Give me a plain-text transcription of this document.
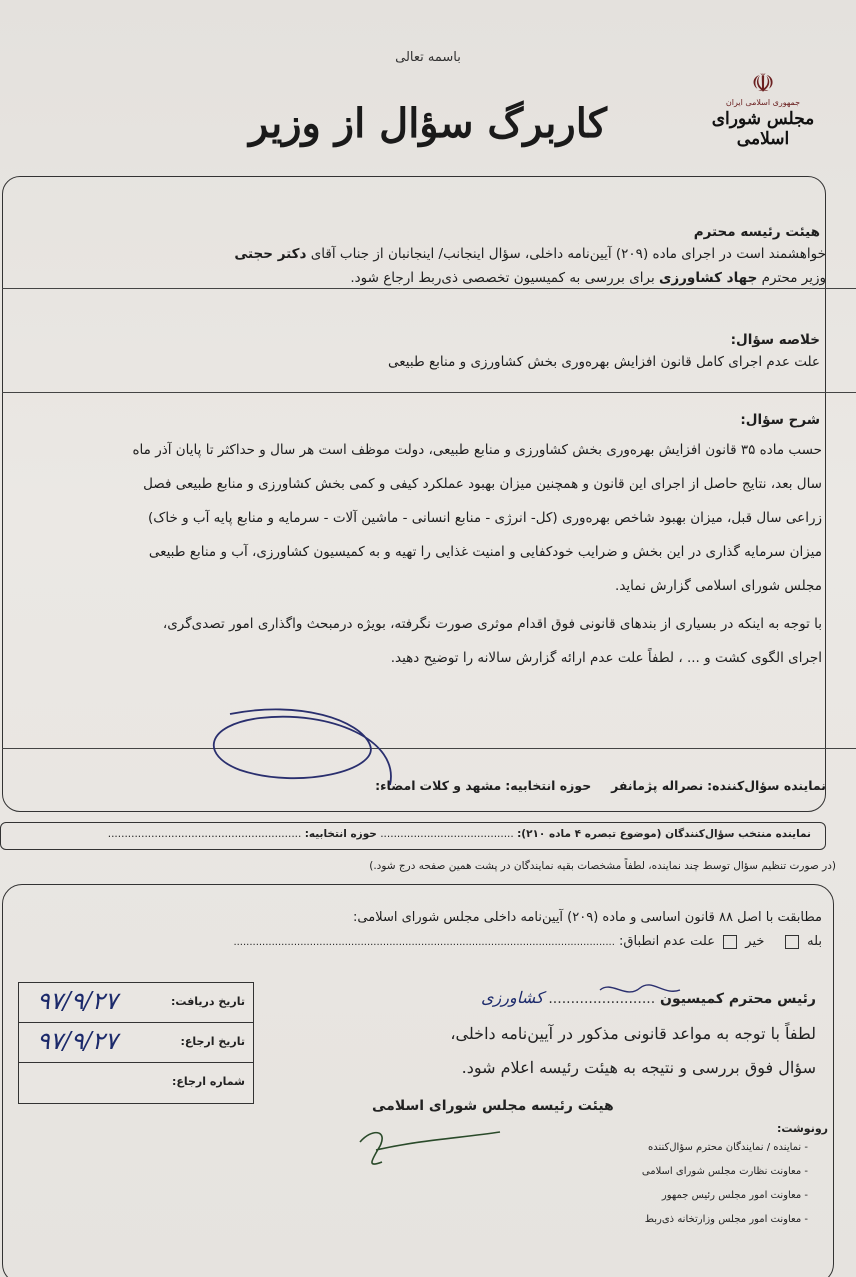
باسمه تعالی
کاربرگ سؤال از وزیر
☫
جمهوری اسلامی ایران
مجلس شورای اسلامی
هیئت رئیسه محترم
خواهشمند است در اجرای ماده (۲۰۹) آیین‌نامه داخلی، سؤال اینجانب/ اینجانبان از جناب آقای دکتر حجتی
وزیر محترم جهاد کشاورزی برای بررسی به کمیسیون تخصصی ذی‌ربط ارجاع شود.
خلاصه سؤال:
علت عدم اجرای کامل قانون افزایش بهره‌وری بخش کشاورزی و منابع طبیعی
شرح سؤال:
حسب ماده ۳۵ قانون افزایش بهره‌وری بخش کشاورزی و منابع طبیعی، دولت موظف است هر سال و حداکثر تا پایان آذر ماه
سال بعد، نتایج حاصل از اجرای این قانون و همچنین میزان بهبود عملکرد کیفی و کمی بخش کشاورزی و منابع طبیعی فصل
زراعی سال قبل، میزان بهبود شاخص بهره‌وری (کل- انرژی - منابع انسانی - ماشین آلات - سرمایه و منابع پایه آب و خاک)
میزان سرمایه گذاری در این بخش و ضرایب خودکفایی و امنیت غذایی را تهیه و به کمیسیون کشاورزی، آب و منابع طبیعی
مجلس شورای اسلامی گزارش نماید.
با توجه به اینکه در بسیاری از بندهای قانونی فوق اقدام موثری صورت نگرفته، بویژه درمبحث واگذاری امور تصدی‌گری،
اجرای الگوی کشت و ... ، لطفاً علت عدم ارائه گزارش سالانه را توضیح دهید.
نماینده سؤال‌کننده: نصراله پژمانفر     حوزه انتخابیه: مشهد و کلات امضاء:
نماینده منتخب سؤال‌کنندگان (موضوع تبصره ۴ ماده ۲۱۰): ........................................ حوزه انتخابیه: ..........................................................
(در صورت تنظیم سؤال توسط چند نماینده، لطفاً مشخصات بقیه نمایندگان در پشت همین صفحه درج شود.)
مطابقت با اصل ۸۸ قانون اساسی و ماده (۲۰۹) آیین‌نامه داخلی مجلس شورای اسلامی:
بله     خیر  علت عدم انطباق: ........................................................................................................................
تاریخ دریافت:
۹۷/۹/۲۷
تاریخ ارجاع:
۹۷/۹/۲۷
شماره ارجاع:
رئیس محترم کمیسیون ........................ کشاورزی
لطفاً با توجه به مواعد قانونی مذکور در آیین‌نامه داخلی،
سؤال فوق بررسی و نتیجه به هیئت رئیسه اعلام شود.
هیئت رئیسه مجلس شورای اسلامی
رونوشت:
- نماینده / نمایندگان محترم سؤال‌کننده
- معاونت نظارت مجلس شورای اسلامی
- معاونت امور مجلس رئیس جمهور
- معاونت امور مجلس وزارتخانه ذی‌ربط
